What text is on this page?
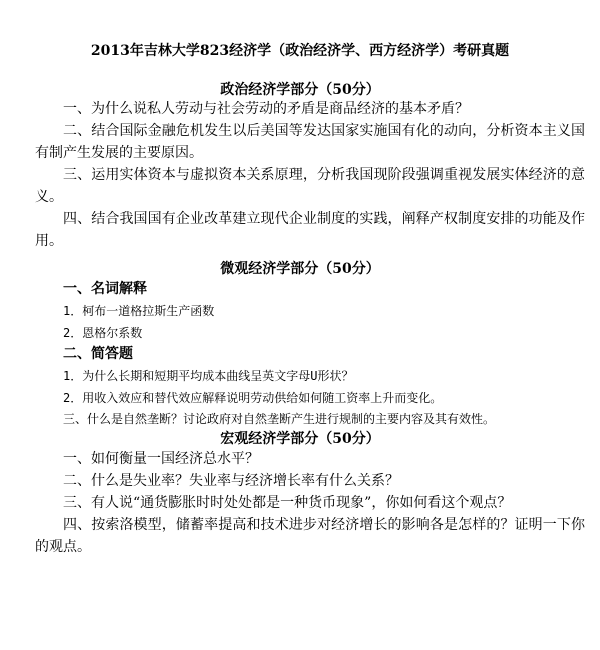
2013年吉林大学823经济学（政治经济学、西方经济学）考研真题
政治经济学部分（50分）
一、为什么说私人劳动与社会劳动的矛盾是商品经济的基本矛盾？
二、结合国际金融危机发生以后美国等发达国家实施国有化的动向，分析资本主义国有制产生发展的主要原因。
三、运用实体资本与虚拟资本关系原理，分析我国现阶段强调重视发展实体经济的意义。
四、结合我国国有企业改革建立现代企业制度的实践，阐释产权制度安排的功能及作用。
微观经济学部分（50分）
一、名词解释
1．柯布一道格拉斯生产函数
2．恩格尔系数
二、简答题
1．为什么长期和短期平均成本曲线呈英文字母U形状？
2．用收入效应和替代效应解释说明劳动供给如何随工资率上升而变化。
三、什么是自然垄断？讨论政府对自然垄断产生进行规制的主要内容及其有效性。
宏观经济学部分（50分）
一、如何衡量一国经济总水平？
二、什么是失业率？失业率与经济增长率有什么关系？
三、有人说“通货膨胀时时处处都是一种货币现象”，你如何看这个观点？
四、按索洛模型，储蓄率提高和技术进步对经济增长的影响各是怎样的？证明一下你的观点。
